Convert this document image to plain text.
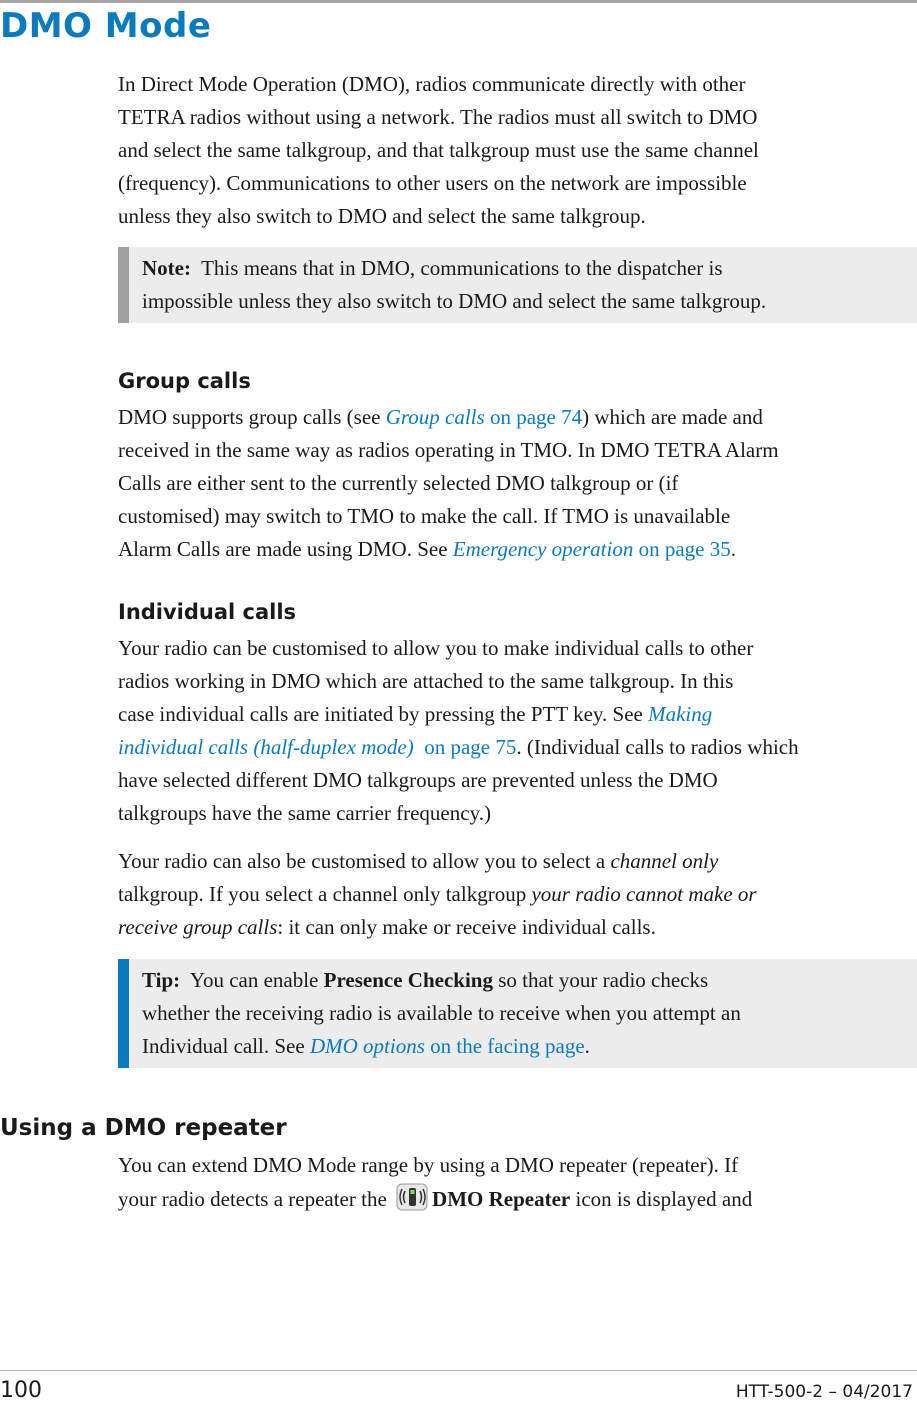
DMO Mode

In Direct Mode Operation (DMO), radios communicate directly with other

TETRA radios without using a network. The radios must all switch to DMO

and select the same talkgroup, and that talkgroup must use the same channel

(frequency). Communications to other users on the network are impossible

unless they also switch to DMO and select the same talkgroup.

Note: This means that in DMO, communications to the dispatcher is
impossible unless they also switch to DMO and select the same talkgroup.
Group calls

DMO supports group calls (see Group calls on page 74) which are made and

received in the same way as radios operating in TMO. In DMO TETRA Alarm

Calls are either sent to the currently selected DMO talkgroup or (if

customised) may switch to TMO to make the call. If TMO is unavailable

Alarm Calls are made using DMO. See Emergency operation on page 35.

Individual calls

Your radio can be customised to allow you to make individual calls to other

radios working in DMO which are attached to the same talkgroup. In this

case individual calls are initiated by pressing the PTT key. See Making

individual calls (half-duplex mode)  on page 75. (Individual calls to radios which

have selected different DMO talkgroups are prevented unless the DMO

talkgroups have the same carrier frequency.)

Your radio can also be customised to allow you to select a channel only

talkgroup. If you select a channel only talkgroup your radio cannot make or

receive group calls: it can only make or receive individual calls.

Tip: You can enable Presence Checking so that your radio checks
whether the receiving radio is available to receive when you attempt an
Individual call. See DMO options on the facing page.
Using a DMO repeater

You can extend DMO Mode range by using a DMO repeater (repeater). If

your radio detects a repeater the DMO Repeater icon is displayed and

100	HTT-500-2 – 04/2017
